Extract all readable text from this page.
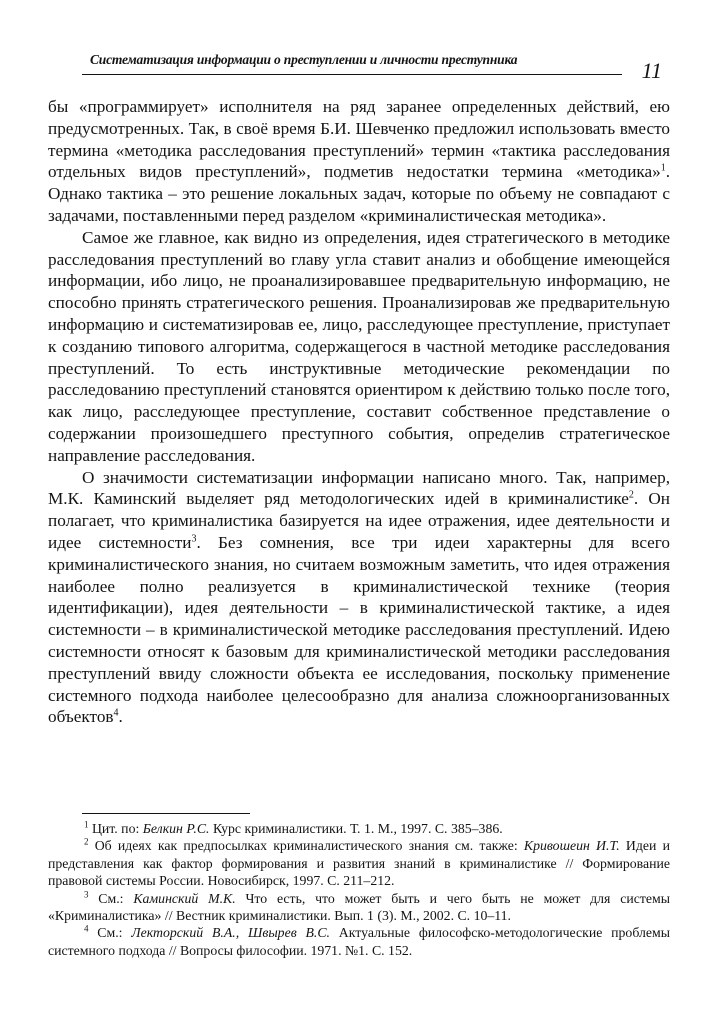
Систематизация информации о преступлении и личности преступника	11

бы «программирует» исполнителя на ряд заранее определенных действий, ею предусмотренных. Так, в своё время Б.И. Шевченко предложил использовать вместо термина «методика расследования преступлений» термин «тактика расследования отдельных видов преступлений», подметив недостатки термина «методика»$^1$. Однако тактика – это решение локальных задач, которые по объему не совпадают с задачами, поставленными перед разделом «криминалистическая методика».

Самое же главное, как видно из определения, идея стратегического в методике расследования преступлений во главу угла ставит анализ и обобщение имеющейся информации, ибо лицо, не проанализировавшее предварительную информацию, не способно принять стратегического решения. Проанализировав же предварительную информацию и систематизировав ее, лицо, расследующее преступление, приступает к созданию типового алгоритма, содержащегося в частной методике расследования преступлений. То есть инструктивные методические рекомендации по расследованию преступлений становятся ориентиром к действию только после того, как лицо, расследующее преступление, составит собственное представление о содержании произошедшего преступного события, определив стратегическое направление расследования.

О значимости систематизации информации написано много. Так, например, М.К. Каминский выделяет ряд методологических идей в криминалистике$^2$. Он полагает, что криминалистика базируется на идее отражения, идее деятельности и идее системности$^3$. Без сомнения, все три идеи характерны для всего криминалистического знания, но считаем возможным заметить, что идея отражения наиболее полно реализуется в криминалистической технике (теория идентификации), идея деятельности – в криминалистической тактике, а идея системности – в криминалистической методике расследования преступлений. Идею системности относят к базовым для криминалистической методики расследования преступлений ввиду сложности объекта ее исследования, поскольку применение системного подхода наиболее целесообразно для анализа сложноорганизованных объектов$^4$.

$^1$ Цит. по: Белкин Р.С. Курс криминалистики. Т. 1. М., 1997. С. 385–386.

$^2$ Об идеях как предпосылках криминалистического знания см. также: Кривошеин И.Т. Идеи и представления как фактор формирования и развития знаний в криминалистике // Формирование правовой системы России. Новосибирск, 1997. С. 211–212.

$^3$ См.: Каминский М.К. Что есть, что может быть и чего быть не может для системы «Криминалистика» // Вестник криминалистики. Вып. 1 (3). М., 2002. С. 10–11.

$^4$ См.: Лекторский В.А., Швырев В.С. Актуальные философско-методологические проблемы системного подхода // Вопросы философии. 1971. №1. С. 152.
